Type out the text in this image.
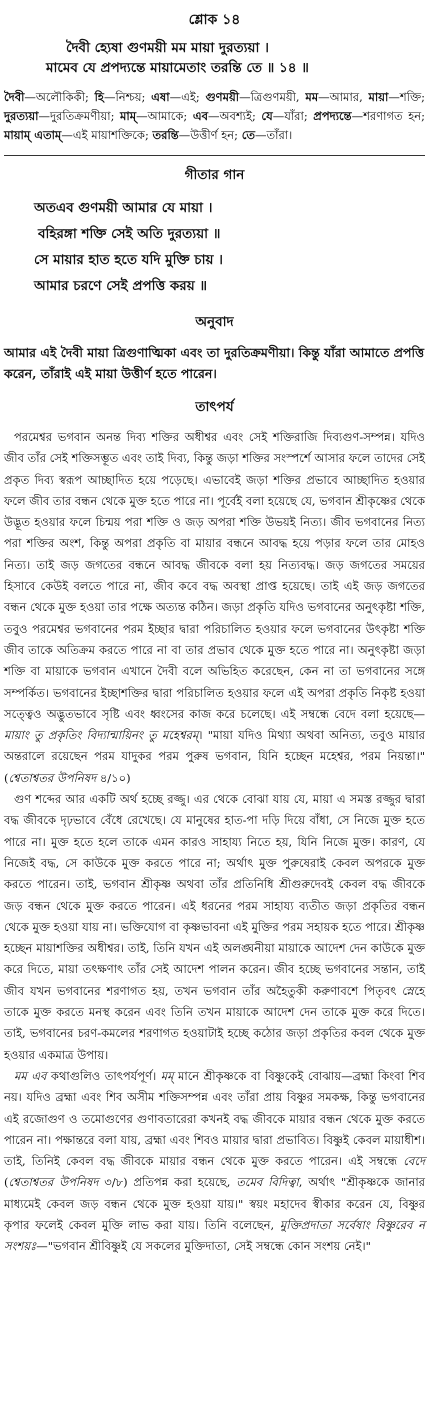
শ্লোক ১৪
দৈবী হ্যেষা গুণময়ী মম মায়া দুরত্যয়া ।
মামেব যে প্রপদ্যন্তে মায়ামেতাং তরন্তি তে ॥ ১৪ ॥
দৈবী—অলৌকিকী; হি—নিশ্চয়; এষা—এই; গুণময়ী—ত্রিগুণময়ী, মম—আমার, মায়া—শক্তি; দুরত্যয়া—দুরতিক্রমণীয়া; মাম্—আমাকে; এব—অবশ্যই; যে—যাঁরা; প্রপদ্যন্তে—শরণাগত হন; মায়াম্ এতাম্—এই মায়াশক্তিকে; তরন্তি—উত্তীর্ণ হন; তে—তাঁরা।
গীতার গান
অতএব গুণময়ী আমার যে মায়া ।
বহিরঙ্গা শক্তি সেই অতি দুরত্যয়া ॥
সে মায়ার হাত হতে যদি মুক্তি চায় ।
আমার চরণে সেই প্রপত্তি করয় ॥
অনুবাদ
আমার এই দৈবী মায়া ত্রিগুণাত্মিকা এবং তা দুরতিক্রমণীয়া। কিন্তু যাঁরা আমাতে প্রপত্তি করেন, তাঁরাই এই মায়া উত্তীর্ণ হতে পারেন।
তাৎপর্য

পরমেশ্বর ভগবান অনন্ত দিব্য শক্তির অধীশ্বর এবং সেই শক্তিরাজি দিব্যগুণ-সম্পন্ন। যদিও জীব তাঁর সেই শক্তিসম্ভূত এবং তাই দিব্য, কিন্তু জড়া শক্তির সংস্পর্শে আসার ফলে তাদের সেই প্রকৃত দিব্য স্বরূপ আচ্ছাদিত হয়ে পড়েছে। এভাবেই জড়া শক্তির প্রভাবে আচ্ছাদিত হওয়ার ফলে জীব তার বন্ধন থেকে মুক্ত হতে পারে না। পূর্বেই বলা হয়েছে যে, ভগবান শ্রীকৃষ্ণের থেকে উদ্ভূত হওয়ার ফলে চিন্ময় পরা শক্তি ও জড় অপরা শক্তি উভয়ই নিত্য। জীব ভগবানের নিত্য পরা শক্তির অংশ, কিন্তু অপরা প্রকৃতি বা মায়ার বন্ধনে আবদ্ধ হয়ে পড়ার ফলে তার মোহও নিত্য। তাই জড় জগতের বন্ধনে আবদ্ধ জীবকে বলা হয় নিত্যবদ্ধ। জড় জগতের সময়ের হিসাবে কেউই বলতে পারে না, জীব কবে বদ্ধ অবস্থা প্রাপ্ত হয়েছে। তাই এই জড় জগতের বন্ধন থেকে মুক্ত হওয়া তার পক্ষে অত্যন্ত কঠিন। জড়া প্রকৃতি যদিও ভগবানের অনুৎকৃষ্টা শক্তি, তবুও পরমেশ্বর ভগবানের পরম ইচ্ছার দ্বারা পরিচালিত হওয়ার ফলে ভগবানের উৎকৃষ্টা শক্তি জীব তাকে অতিক্রম করতে পারে না বা তার প্রভাব থেকে মুক্ত হতে পারে না। অনুৎকৃষ্টা জড়া শক্তি বা মায়াকে ভগবান এখানে দৈবী বলে অভিহিত করেছেন, কেন না তা ভগবানের সঙ্গে সম্পর্কিত। ভগবানের ইচ্ছাশক্তির দ্বারা পরিচালিত হওয়ার ফলে এই অপরা প্রকৃতি নিকৃষ্ট হওয়া সত্ত্বেও অদ্ভুতভাবে সৃষ্টি এবং ধ্বংসের কাজ করে চলেছে। এই সম্বন্ধে বেদে বলা হয়েছে—মায়াং তু প্রকৃতিং বিদ্যান্মায়িনং তু মহেশ্বরম্। "মায়া যদিও মিথ্যা অথবা অনিত্য, তবুও মায়ার অন্তরালে রয়েছেন পরম যাদুকর পরম পুরুষ ভগবান, যিনি হচ্ছেন মহেশ্বর, পরম নিয়ন্তা।" (শ্বেতাশ্বতর উপনিষদ ৪/১০)

গুণ শব্দের আর একটি অর্থ হচ্ছে রজ্জু। এর থেকে বোঝা যায় যে, মায়া এ সমস্ত রজ্জুর দ্বারা বদ্ধ জীবকে দৃঢ়ভাবে বেঁধে রেখেছে। যে মানুষের হাত-পা দড়ি দিয়ে বাঁধা, সে নিজে মুক্ত হতে পারে না। মুক্ত হতে হলে তাকে এমন কারও সাহায্য নিতে হয়, যিনি নিজে মুক্ত। কারণ, যে নিজেই বদ্ধ, সে কাউকে মুক্ত করতে পারে না; অর্থাৎ মুক্ত পুরুষেরাই কেবল অপরকে মুক্ত করতে পারেন। তাই, ভগবান শ্রীকৃষ্ণ অথবা তাঁর প্রতিনিধি শ্রীগুরুদেবই কেবল বদ্ধ জীবকে জড় বন্ধন থেকে মুক্ত করতে পারেন। এই ধরনের পরম সাহায্য ব্যতীত জড়া প্রকৃতির বন্ধন থেকে মুক্ত হওয়া যায় না। ভক্তিযোগ বা কৃষ্ণভাবনা এই মুক্তির পরম সহায়ক হতে পারে। শ্রীকৃষ্ণ হচ্ছেন মায়াশক্তির অধীশ্বর। তাই, তিনি যখন এই অলঙ্ঘনীয়া মায়াকে আদেশ দেন কাউকে মুক্ত করে দিতে, মায়া তৎক্ষণাৎ তাঁর সেই আদেশ পালন করেন। জীব হচ্ছে ভগবানের সন্তান, তাই জীব যখন ভগবানের শরণাগত হয়, তখন ভগবান তাঁর অহৈতুকী করুণাবশে পিতৃবৎ স্নেহে তাকে মুক্ত করতে মনস্থ করেন এবং তিনি তখন মায়াকে আদেশ দেন তাকে মুক্ত করে দিতে। তাই, ভগবানের চরণ-কমলের শরণাগত হওয়াটাই হচ্ছে কঠোর জড়া প্রকৃতির কবল থেকে মুক্ত হওয়ার একমাত্র উপায়।

মম এব কথাগুলিও তাৎপর্যপূর্ণ। মম্ মানে শ্রীকৃষ্ণকে বা বিষ্ণুকেই বোঝায়—ব্রহ্মা কিংবা শিব নয়। যদিও ব্রহ্মা এবং শিব অসীম শক্তিসম্পন্ন এবং তাঁরা প্রায় বিষ্ণুর সমকক্ষ, কিন্তু ভগবানের এই রজোগুণ ও তমোগুণের গুণাবতারেরা কখনই বদ্ধ জীবকে মায়ার বন্ধন থেকে মুক্ত করতে পারেন না। পক্ষান্তরে বলা যায়, ব্রহ্মা এবং শিবও মায়ার দ্বারা প্রভাবিত। বিষ্ণুই কেবল মায়াধীশ। তাই, তিনিই কেবল বদ্ধ জীবকে মায়ার বন্ধন থেকে মুক্ত করতে পারেন। এই সম্বন্ধে বেদে (শ্বেতাশ্বতর উপনিষদ ৩/৮) প্রতিপন্ন করা হয়েছে, তমেব বিদিত্বা, অর্থাৎ "শ্রীকৃষ্ণকে জানার মাধ্যমেই কেবল জড় বন্ধন থেকে মুক্ত হওয়া যায়।" স্বয়ং মহাদেব স্বীকার করেন যে, বিষ্ণুর কৃপার ফলেই কেবল মুক্তি লাভ করা যায়। তিনি বলেছেন, মুক্তিপ্রদাতা সর্বেষাং বিষ্ণুরেব ন সংশয়ঃ—"ভগবান শ্রীবিষ্ণুই যে সকলের মুক্তিদাতা, সেই সম্বন্ধে কোন সংশয় নেই।"
